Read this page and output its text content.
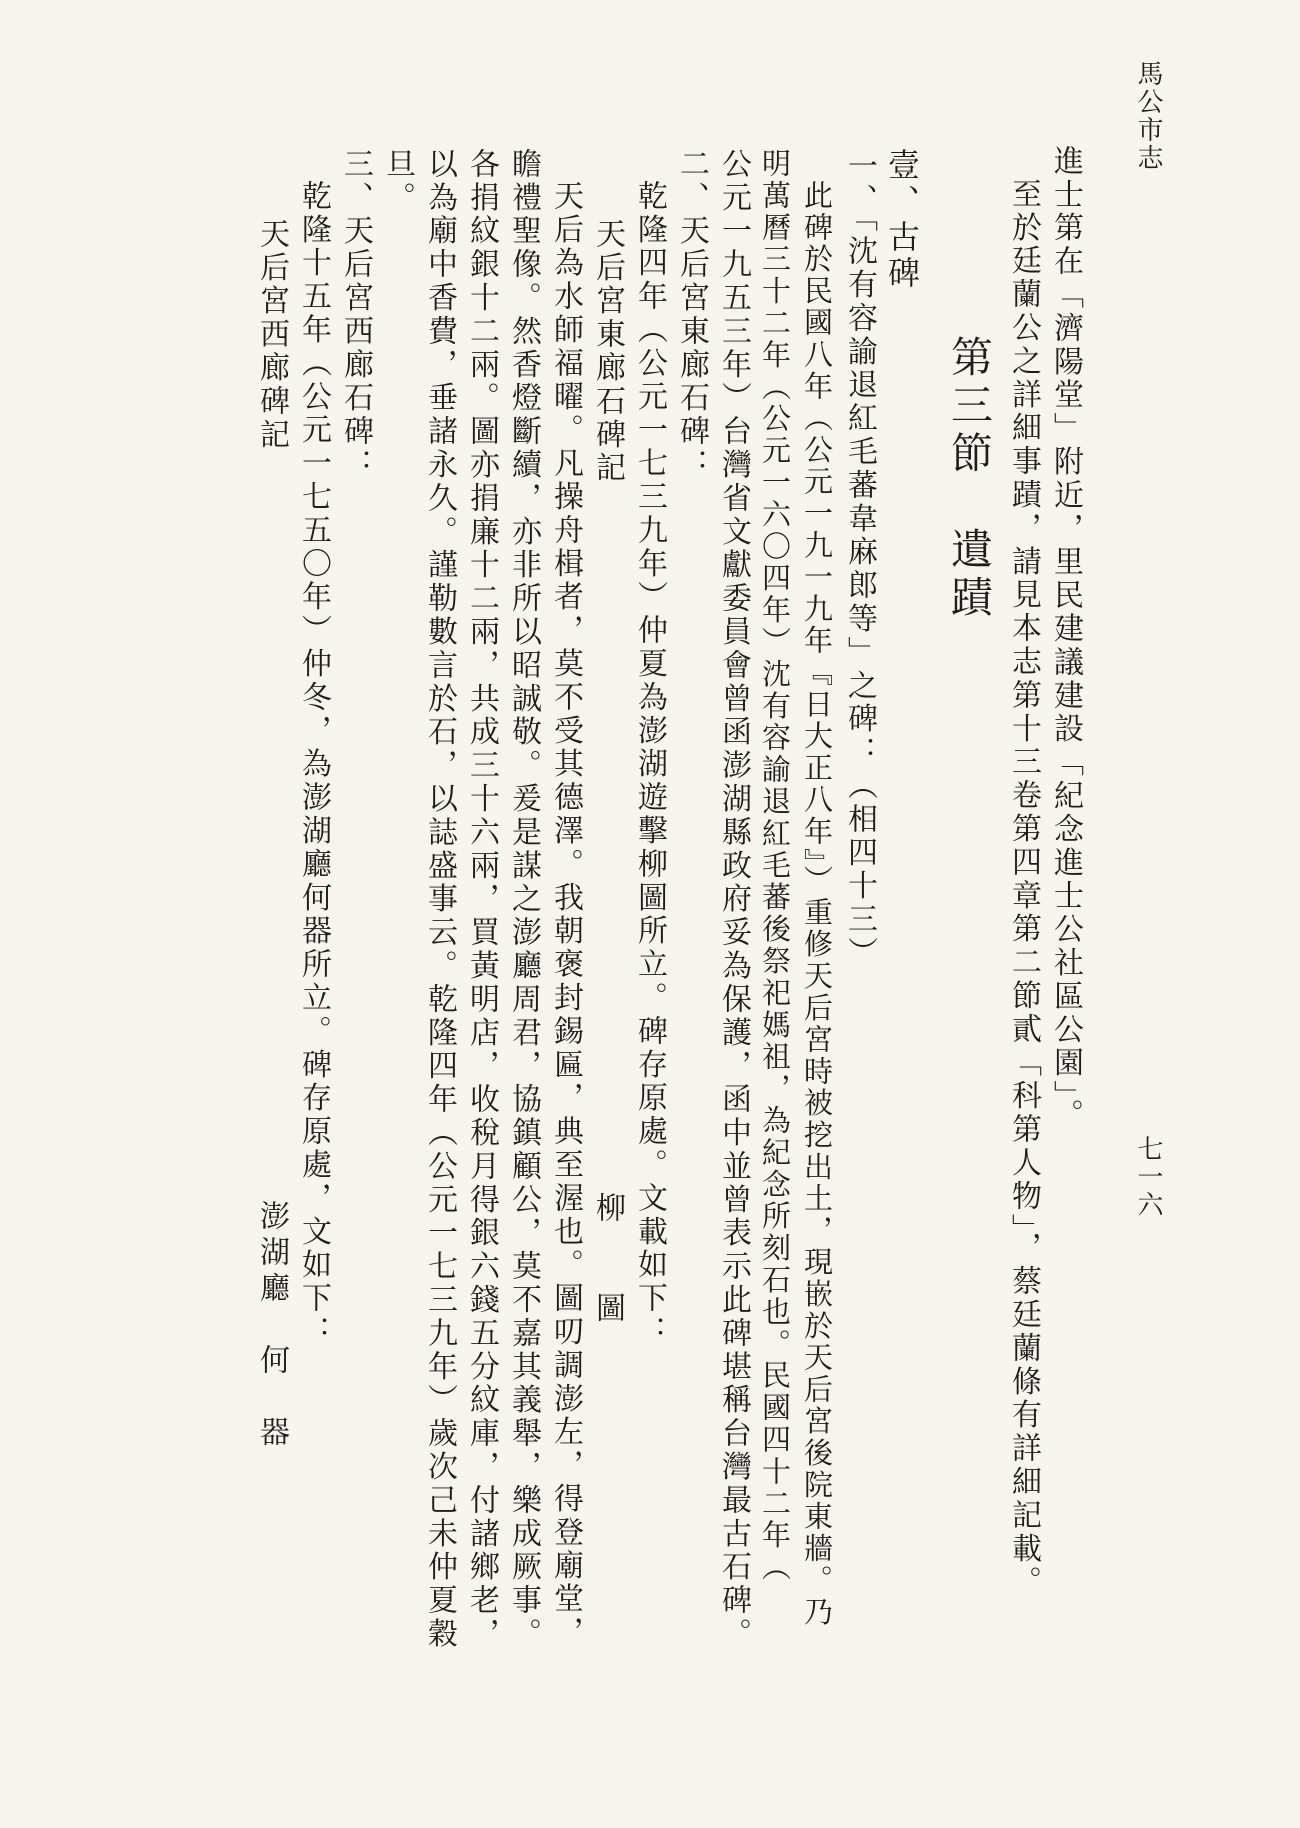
馬公市志
七一六
進士第在「濟陽堂」附近，里民建議建設「紀念進士公社區公園」。
至於廷蘭公之詳細事蹟，請見本志第十三卷第四章第二節貳「科第人物」，蔡廷蘭條有詳細記載。
第三節　遺蹟
壹、古碑
一、「沈有容諭退紅毛蕃韋麻郎等」之碑：（相四十三）
此碑於民國八年（公元一九一九年『日大正八年』）重修天后宮時被挖出土，現嵌於天后宮後院東牆。乃
明萬曆三十二年（公元一六〇四年）沈有容諭退紅毛蕃後祭祀媽祖，為紀念所刻石也。民國四十二年（
公元一九五三年）台灣省文獻委員會曾函澎湖縣政府妥為保護，函中並曾表示此碑堪稱台灣最古石碑。
二、天后宮東廊石碑：
乾隆四年（公元一七三九年）仲夏為澎湖遊擊柳圖所立。碑存原處。文載如下：
天后宮東廊石碑記
柳　　圖
天后為水師福曜。凡操舟楫者，莫不受其德澤。我朝褒封錫匾，典至渥也。圖叨調澎左，得登廟堂，
瞻禮聖像。然香燈斷續，亦非所以昭誠敬。爰是謀之澎廳周君，協鎮顧公，莫不嘉其義舉，樂成厥事。
各捐紋銀十二兩。圖亦捐廉十二兩，共成三十六兩，買黃明店，收稅月得銀六錢五分紋庫，付諸鄉老，
以為廟中香費，垂諸永久。謹勒數言於石，以誌盛事云。乾隆四年（公元一七三九年）歲次己未仲夏穀
旦。
三、天后宮西廊石碑：
乾隆十五年（公元一七五〇年）仲冬，為澎湖廳何器所立。碑存原處，文如下：
天后宮西廊碑記
澎湖廳　何　器
